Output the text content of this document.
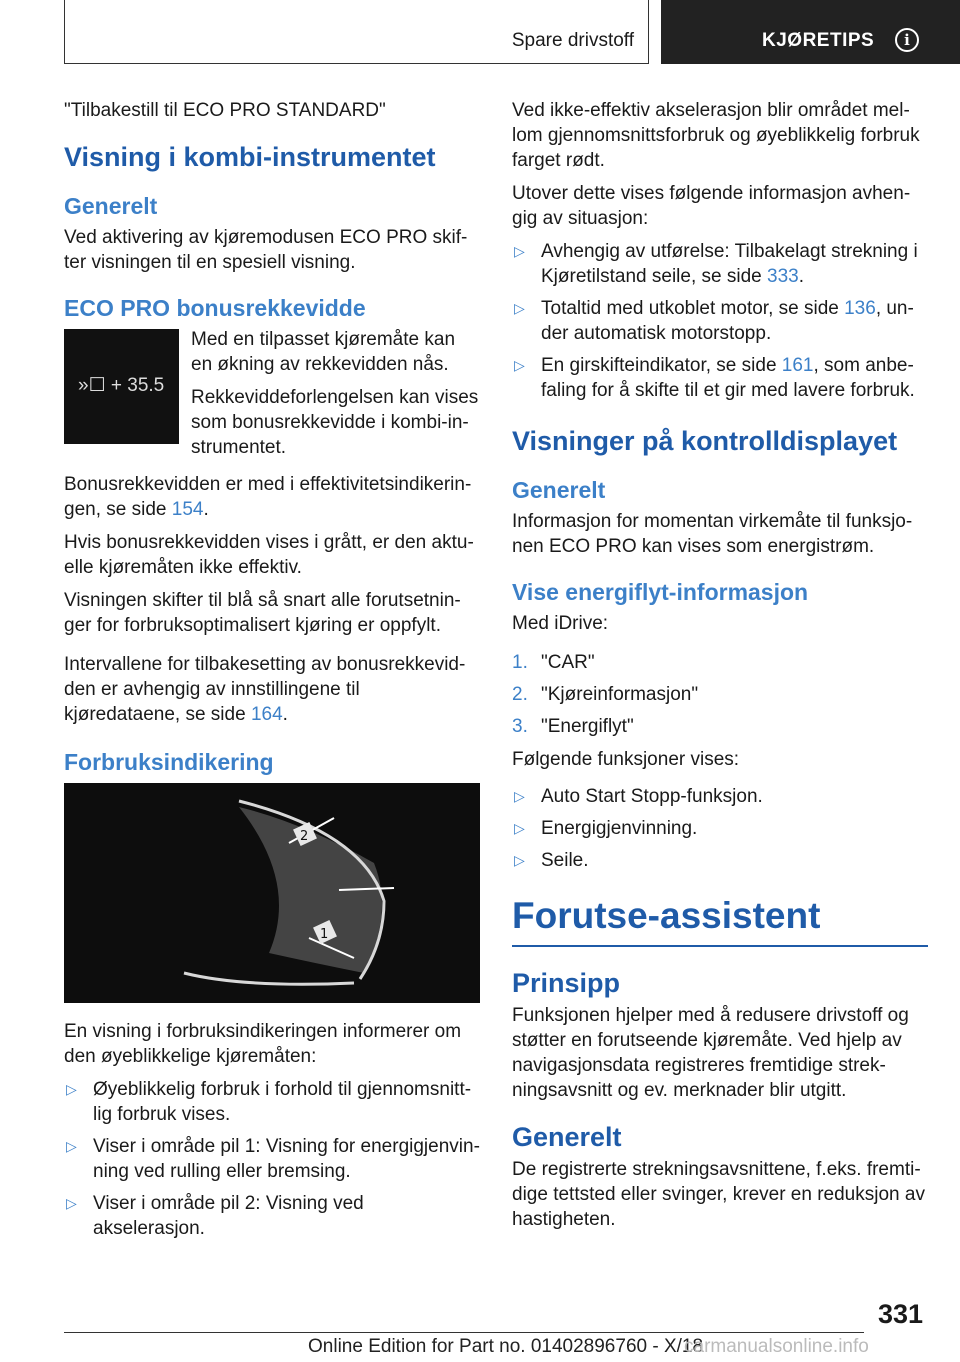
Spare drivstoff	KJØRETIPS	i

"Tilbakestill til ECO PRO STANDARD"

Visning i kombi-instrumentet
Generelt

Ved aktivering av kjøremodusen ECO PRO skifter visningen til en spesiell visning.

ECO PRO bonusrekkevidde
»☐ + 35.5

Med en tilpasset kjøremåte kan en økning av rekkevidden nås.

Rekkeviddeforlengelsen kan vises som bonusrekkevidde i kombi-instrumentet.

Bonusrekkevidden er med i effektivitetsindikeringen, se side 154.

Hvis bonusrekkevidden vises i grått, er den aktuelle kjøremåten ikke effektiv.

Visningen skifter til blå så snart alle forutsetninger for forbruksoptimalisert kjøring er oppfylt.

Intervallene for tilbakesetting av bonusrekkevidden er avhengig av innstillingene til kjøredataene, se side 164.

Forbruksindikering
2
1

En visning i forbruksindikeringen informerer om den øyeblikkelige kjøremåten:

▷ Øyeblikkelig forbruk i forhold til gjennomsnittlig forbruk vises.
▷ Viser i område pil 1: Visning for energigjenvinning ved rulling eller bremsing.
▷ Viser i område pil 2: Visning ved akselerasjon.

Ved ikke-effektiv akselerasjon blir området mellom gjennomsnittsforbruk og øyeblikkelig forbruk farget rødt.

Utover dette vises følgende informasjon avhengig av situasjon:

▷ Avhengig av utførelse: Tilbakelagt strekning i Kjøretilstand seile, se side 333.
▷ Totaltid med utkoblet motor, se side 136, under automatisk motorstopp.
▷ En girskifteindikator, se side 161, som anbefaling for å skifte til et gir med lavere forbruk.
Visninger på kontrolldisplayet
Generelt

Informasjon for momentan virkemåte til funksjonen ECO PRO kan vises som energistrøm.

Vise energiflyt-informasjon

Med iDrive:

1. "CAR"
2. "Kjøreinformasjon"
3. "Energiflyt"

Følgende funksjoner vises:

▷ Auto Start Stopp-funksjon.
▷ Energigjenvinning.
▷ Seile.
Forutse-assistent
Prinsipp

Funksjonen hjelper med å redusere drivstoff og støtter en forutseende kjøremåte. Ved hjelp av navigasjonsdata registreres fremtidige strekningsavsnitt og ev. merknader blir utgitt.

Generelt

De registrerte strekningsavsnittene, f.eks. fremtidige tettsted eller svinger, krever en reduksjon av hastigheten.

331
Online Edition for Part no. 01402896760 - X/18
carmanualsonline.info
